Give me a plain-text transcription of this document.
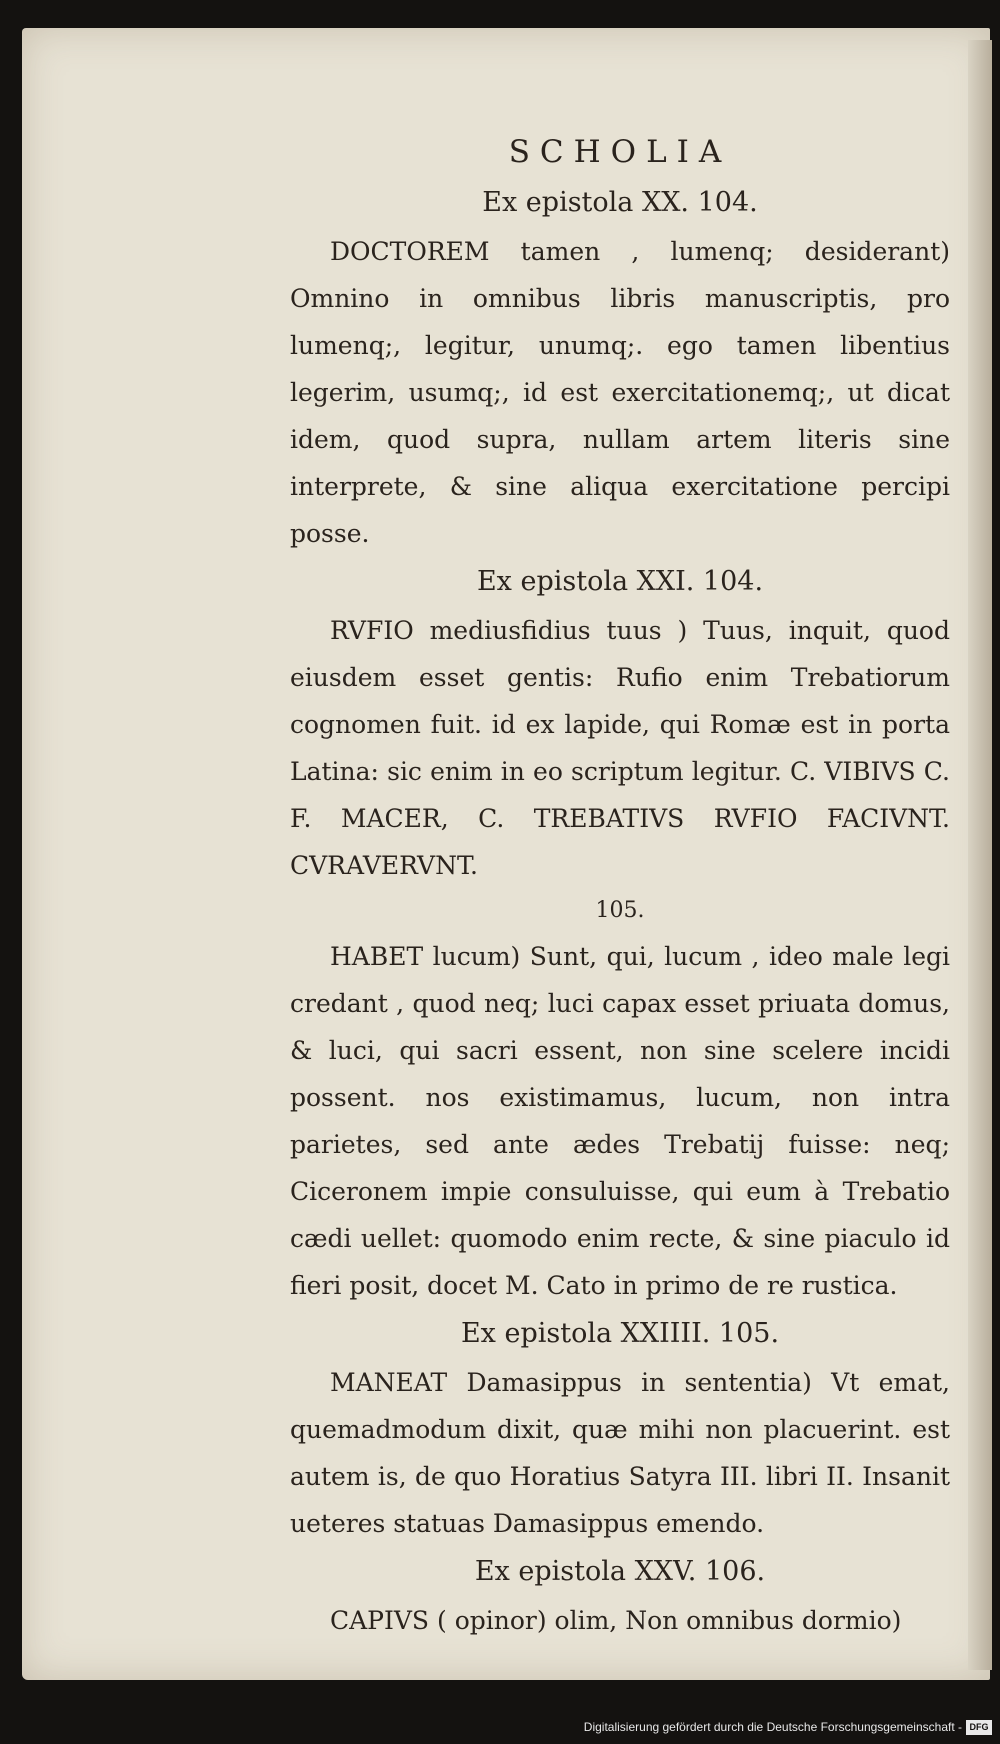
SCHOLIA
Ex epistola XX. 104.

DOCTOREM tamen , lumenq; desiderant) Omnino in omnibus libris manuscriptis, pro lumenq;, legitur, unumq;. ego tamen libentius legerim, usumq;, id est exercitationemq;, ut dicat idem, quod supra, nullam artem literis sine interprete, & sine aliqua exercitatione percipi posse.

Ex epistola XXI. 104.

RVFIO mediusfidius tuus ) Tuus, inquit, quod eiusdem esset gentis: Rufio enim Trebatiorum cognomen fuit. id ex lapide, qui Romæ est in porta Latina: sic enim in eo scriptum legitur. C. VIBIVS C. F. MACER, C. TREBATIVS RVFIO FACIVNT. CVRAVERVNT.

105.

HABET lucum) Sunt, qui, lucum , ideo male legi credant , quod neq; luci capax esset priuata domus, & luci, qui sacri essent, non sine scelere incidi possent. nos existimamus, lucum, non intra parietes, sed ante ædes Trebatij fuisse: neq; Ciceronem impie consuluisse, qui eum à Trebatio cædi uellet: quomodo enim recte, & sine piaculo id fieri posit, docet M. Cato in primo de re rustica.

Ex epistola XXIIII. 105.

MANEAT Damasippus in sententia) Vt emat, quemadmodum dixit, quæ mihi non placuerint. est autem is, de quo Horatius Satyra III. libri II. Insanit ueteres statuas Damasippus emendo.

Ex epistola XXV. 106.

CAPIVS ( opinor) olim, Non omnibus dormio)

Digitalisierung gefördert durch die Deutsche Forschungsgemeinschaft - DFG
